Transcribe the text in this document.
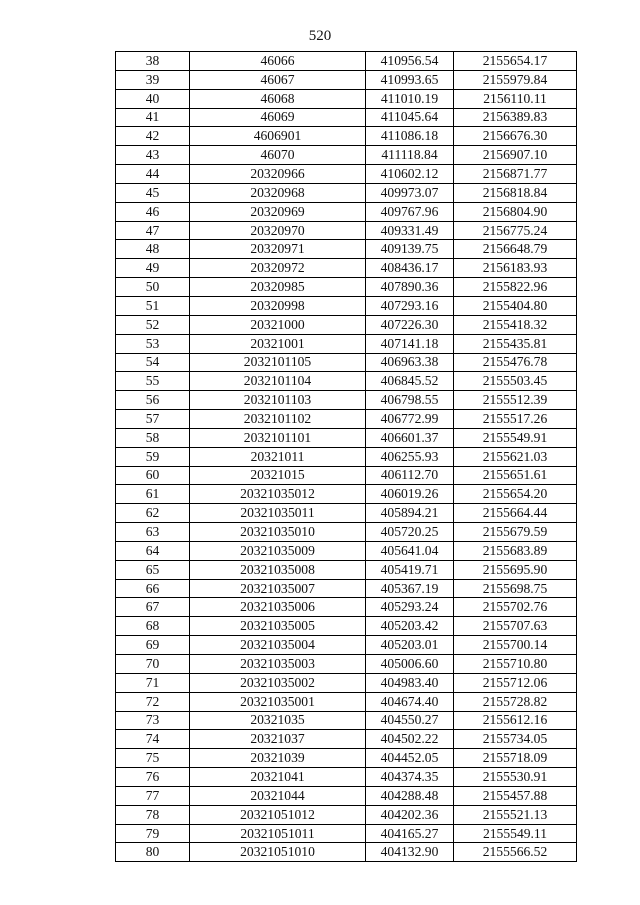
520
38	46066	410956.54	2155654.17
39	46067	410993.65	2155979.84
40	46068	411010.19	2156110.11
41	46069	411045.64	2156389.83
42	4606901	411086.18	2156676.30
43	46070	411118.84	2156907.10
44	20320966	410602.12	2156871.77
45	20320968	409973.07	2156818.84
46	20320969	409767.96	2156804.90
47	20320970	409331.49	2156775.24
48	20320971	409139.75	2156648.79
49	20320972	408436.17	2156183.93
50	20320985	407890.36	2155822.96
51	20320998	407293.16	2155404.80
52	20321000	407226.30	2155418.32
53	20321001	407141.18	2155435.81
54	2032101105	406963.38	2155476.78
55	2032101104	406845.52	2155503.45
56	2032101103	406798.55	2155512.39
57	2032101102	406772.99	2155517.26
58	2032101101	406601.37	2155549.91
59	20321011	406255.93	2155621.03
60	20321015	406112.70	2155651.61
61	20321035012	406019.26	2155654.20
62	20321035011	405894.21	2155664.44
63	20321035010	405720.25	2155679.59
64	20321035009	405641.04	2155683.89
65	20321035008	405419.71	2155695.90
66	20321035007	405367.19	2155698.75
67	20321035006	405293.24	2155702.76
68	20321035005	405203.42	2155707.63
69	20321035004	405203.01	2155700.14
70	20321035003	405006.60	2155710.80
71	20321035002	404983.40	2155712.06
72	20321035001	404674.40	2155728.82
73	20321035	404550.27	2155612.16
74	20321037	404502.22	2155734.05
75	20321039	404452.05	2155718.09
76	20321041	404374.35	2155530.91
77	20321044	404288.48	2155457.88
78	20321051012	404202.36	2155521.13
79	20321051011	404165.27	2155549.11
80	20321051010	404132.90	2155566.52
